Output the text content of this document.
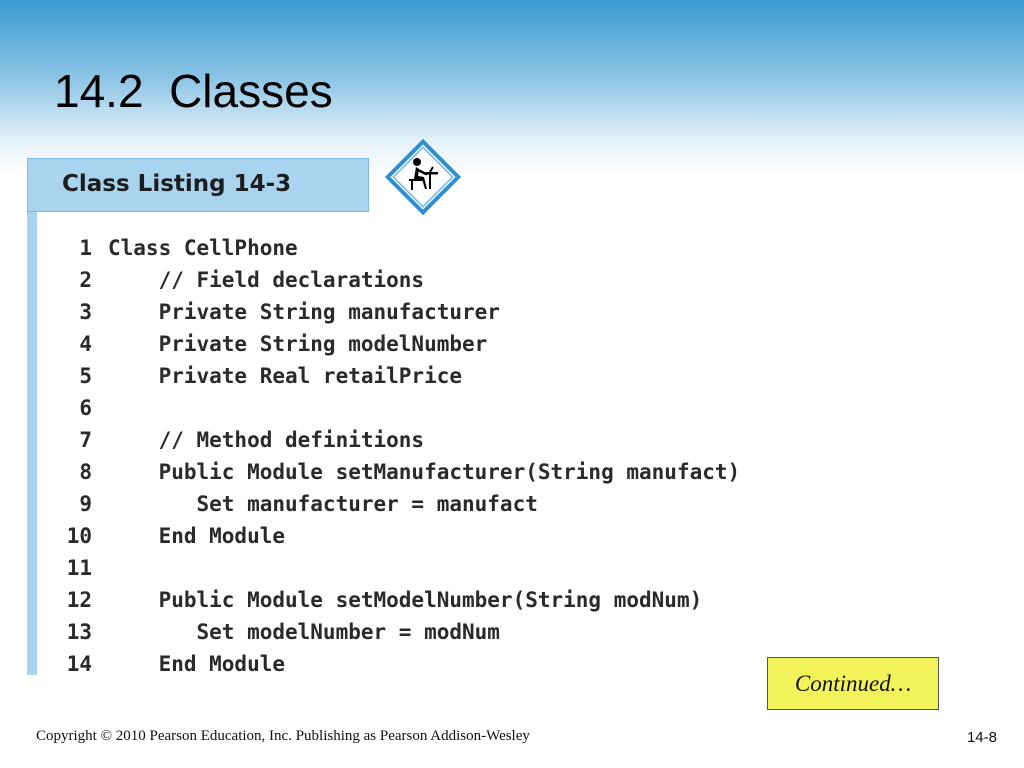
14.2  Classes
Class Listing 14-3
1 Class CellPhone
2    // Field declarations
3    Private String manufacturer
4    Private String modelNumber
5    Private Real retailPrice
6
7    // Method definitions
8    Public Module setManufacturer(String manufact)
9       Set manufacturer = manufact
10    End Module
11
12    Public Module setModelNumber(String modNum)
13       Set modelNumber = modNum
14    End Module
Continued…
Copyright © 2010 Pearson Education, Inc. Publishing as Pearson Addison-Wesley	14-8
